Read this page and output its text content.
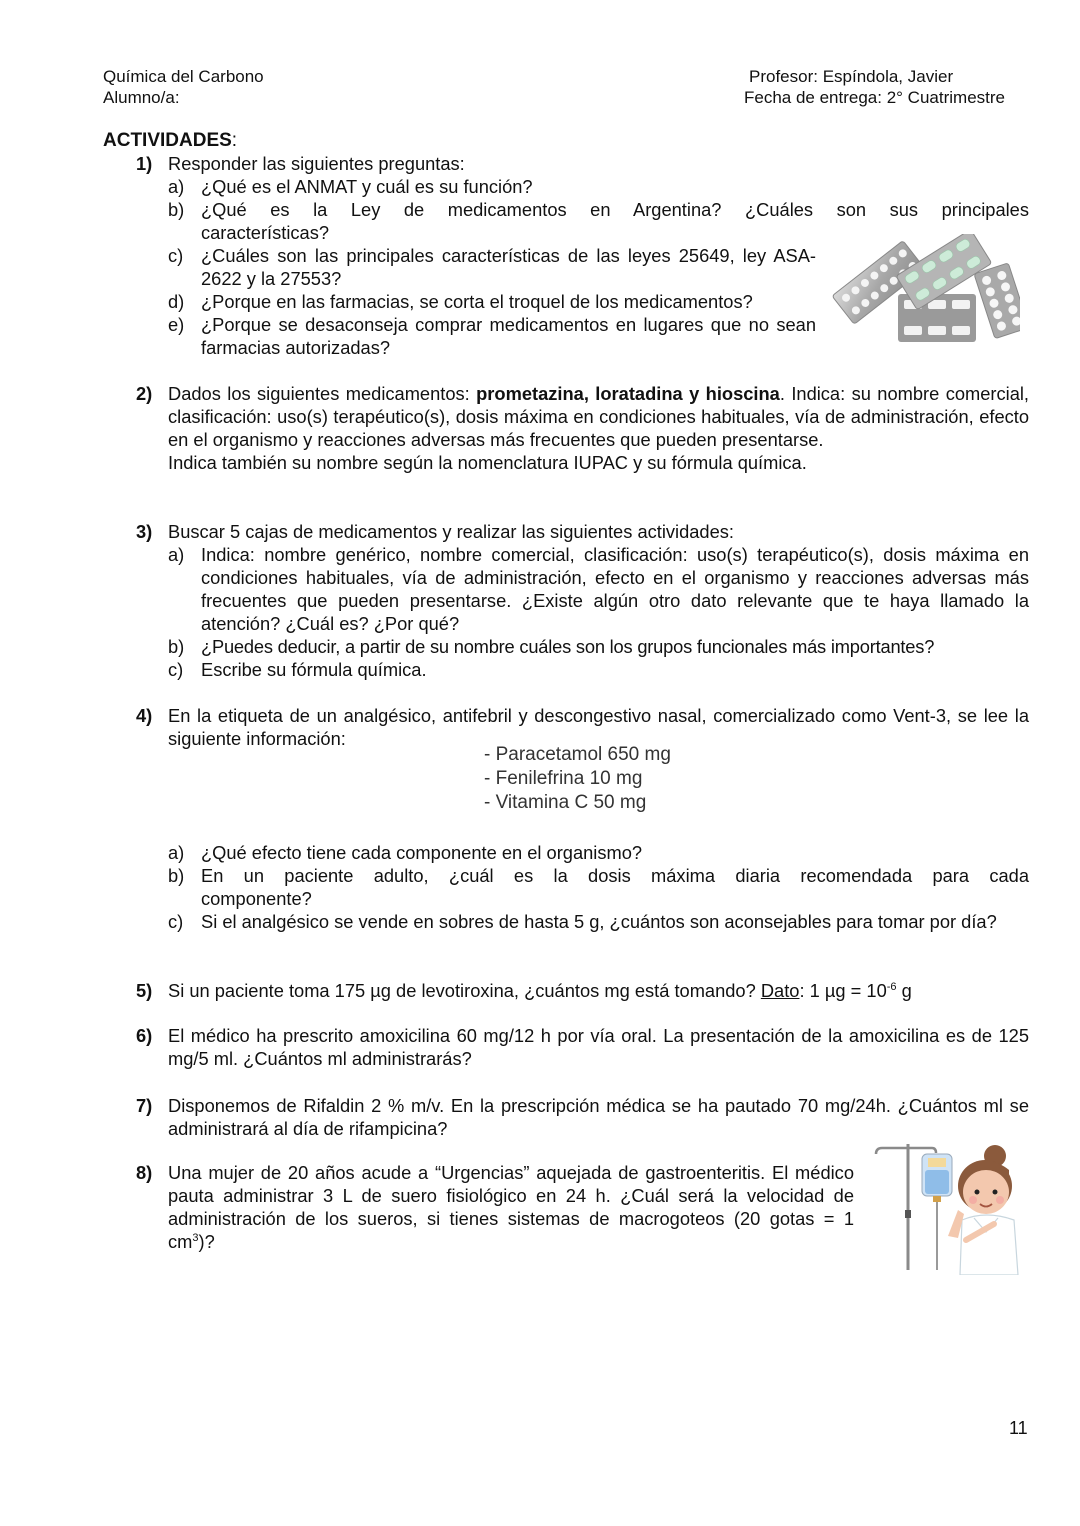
Química del Carbono
Alumno/a:
Profesor: Espíndola, Javier
Fecha de entrega: 2° Cuatrimestre
ACTIVIDADES:
1) Responder las siguientes preguntas:
a) ¿Qué es el ANMAT y cuál es su función?
b) ¿Qué es la Ley de medicamentos en Argentina? ¿Cuáles son sus principales características?
c) ¿Cuáles son las principales características de las leyes 25649, ley ASA-2622 y la 27553?
d) ¿Porque en las farmacias, se corta el troquel de los medicamentos?
e) ¿Porque se desaconseja comprar medicamentos en lugares que no sean farmacias autorizadas?
2) Dados los siguientes medicamentos: prometazina, loratadina y hioscina. Indica: su nombre comercial, clasificación: uso(s) terapéutico(s), dosis máxima en condiciones habituales, vía de administración, efecto en el organismo y reacciones adversas más frecuentes que pueden presentarse.
Indica también su nombre según la nomenclatura IUPAC y su fórmula química.
3) Buscar 5 cajas de medicamentos y realizar las siguientes actividades:
a) Indica: nombre genérico, nombre comercial, clasificación: uso(s) terapéutico(s), dosis máxima en condiciones habituales, vía de administración, efecto en el organismo y reacciones adversas más frecuentes que pueden presentarse. ¿Existe algún otro dato relevante que te haya llamado la atención? ¿Cuál es? ¿Por qué?
b) ¿Puedes deducir, a partir de su nombre cuáles son los grupos funcionales más importantes?
c) Escribe su fórmula química.
4) En la etiqueta de un analgésico, antifebril y descongestivo nasal, comercializado como Vent-3, se lee la siguiente información:
- Paracetamol 650 mg
- Fenilefrina 10 mg
- Vitamina C 50 mg
a) ¿Qué efecto tiene cada componente en el organismo?
b) En un paciente adulto, ¿cuál es la dosis máxima diaria recomendada para cada componente?
c) Si el analgésico se vende en sobres de hasta 5 g, ¿cuántos son aconsejables para tomar por día?
5) Si un paciente toma 175 µg de levotiroxina, ¿cuántos mg está tomando? Dato: 1 $\mu g = 10^{-6}$ g
6) El médico ha prescrito amoxicilina 60 mg/12 h por vía oral. La presentación de la amoxicilina es de 125 mg/5 ml. ¿Cuántos ml administrarás?
7) Disponemos de Rifaldin 2 % m/v. En la prescripción médica se ha pautado 70 mg/24h. ¿Cuántos ml se administrará al día de rifampicina?
8) Una mujer de 20 años acude a “Urgencias” aquejada de gastroenteritis. El médico pauta administrar 3 L de suero fisiológico en 24 h. ¿Cuál será la velocidad de administración de los sueros, si tienes sistemas de macrogoteos (20 gotas = 1 $cm^3$)?
11
